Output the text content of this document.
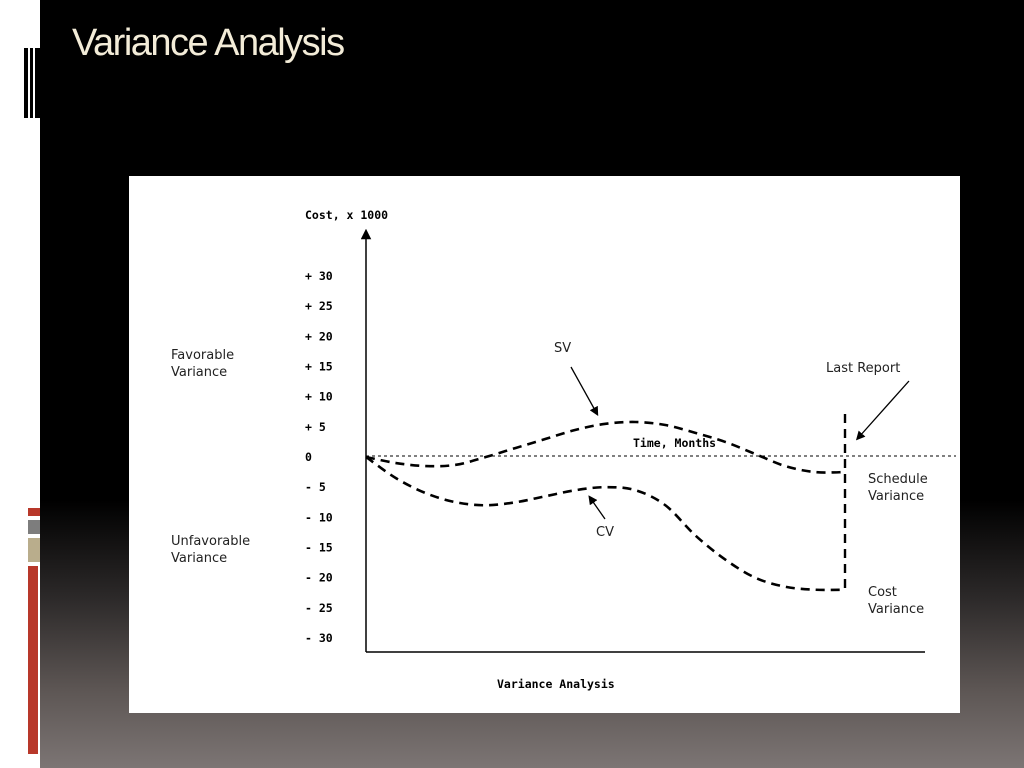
Variance Analysis
Cost, x 1000
Time, Months
Variance Analysis
Favorable Variance
Unfavorable Variance
SV
CV
Last Report
Schedule Variance
Cost Variance
+ 30
+ 25
+ 20
+ 15
+ 10
+ 5
0
- 5
- 10
- 15
- 20
- 25
- 30
